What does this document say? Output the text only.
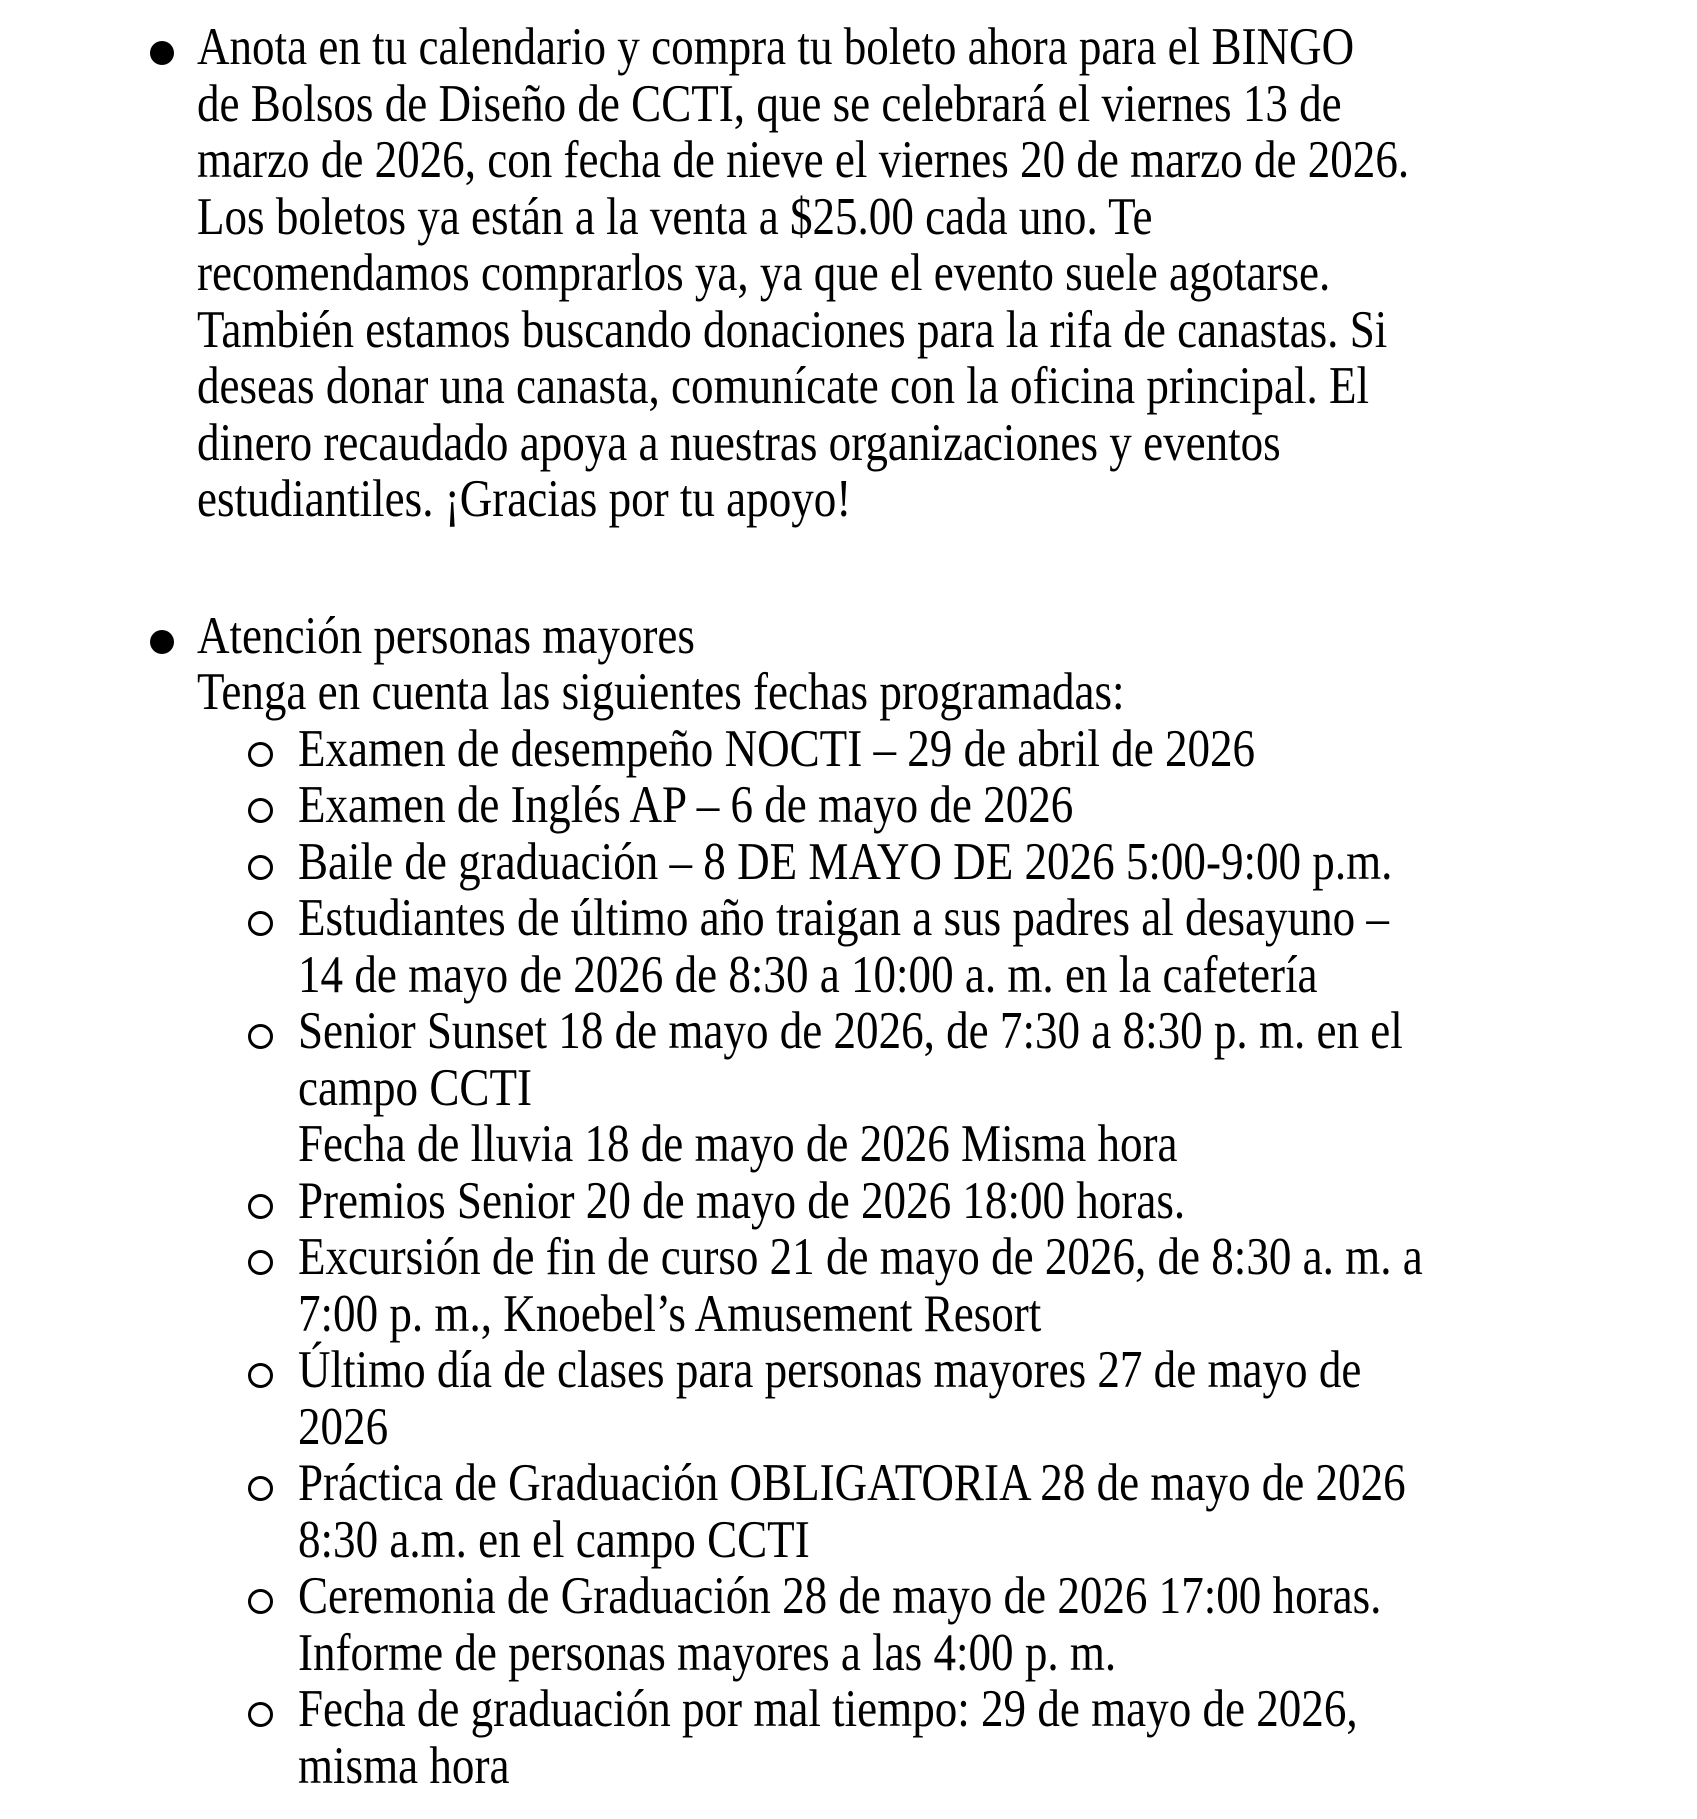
Anota en tu calendario y compra tu boleto ahora para el BINGO
de Bolsos de Diseño de CCTI, que se celebrará el viernes 13 de
marzo de 2026, con fecha de nieve el viernes 20 de marzo de 2026.
Los boletos ya están a la venta a $25.00 cada uno. Te
recomendamos comprarlos ya, ya que el evento suele agotarse.
También estamos buscando donaciones para la rifa de canastas. Si
deseas donar una canasta, comunícate con la oficina principal. El
dinero recaudado apoya a nuestras organizaciones y eventos
estudiantiles. ¡Gracias por tu apoyo!
Atención personas mayores
Tenga en cuenta las siguientes fechas programadas:
Examen de desempeño NOCTI – 29 de abril de 2026
Examen de Inglés AP – 6 de mayo de 2026
Baile de graduación – 8 DE MAYO DE 2026 5:00-9:00 p.m.
Estudiantes de último año traigan a sus padres al desayuno –
14 de mayo de 2026 de 8:30 a 10:00 a. m. en la cafetería
Senior Sunset 18 de mayo de 2026, de 7:30 a 8:30 p. m. en el
campo CCTI
Fecha de lluvia 18 de mayo de 2026 Misma hora
Premios Senior 20 de mayo de 2026 18:00 horas.
Excursión de fin de curso 21 de mayo de 2026, de 8:30 a. m. a
7:00 p. m., Knoebel’s Amusement Resort
Último día de clases para personas mayores 27 de mayo de
2026
Práctica de Graduación OBLIGATORIA 28 de mayo de 2026
8:30 a.m. en el campo CCTI
Ceremonia de Graduación 28 de mayo de 2026 17:00 horas.
Informe de personas mayores a las 4:00 p. m.
Fecha de graduación por mal tiempo: 29 de mayo de 2026,
misma hora
